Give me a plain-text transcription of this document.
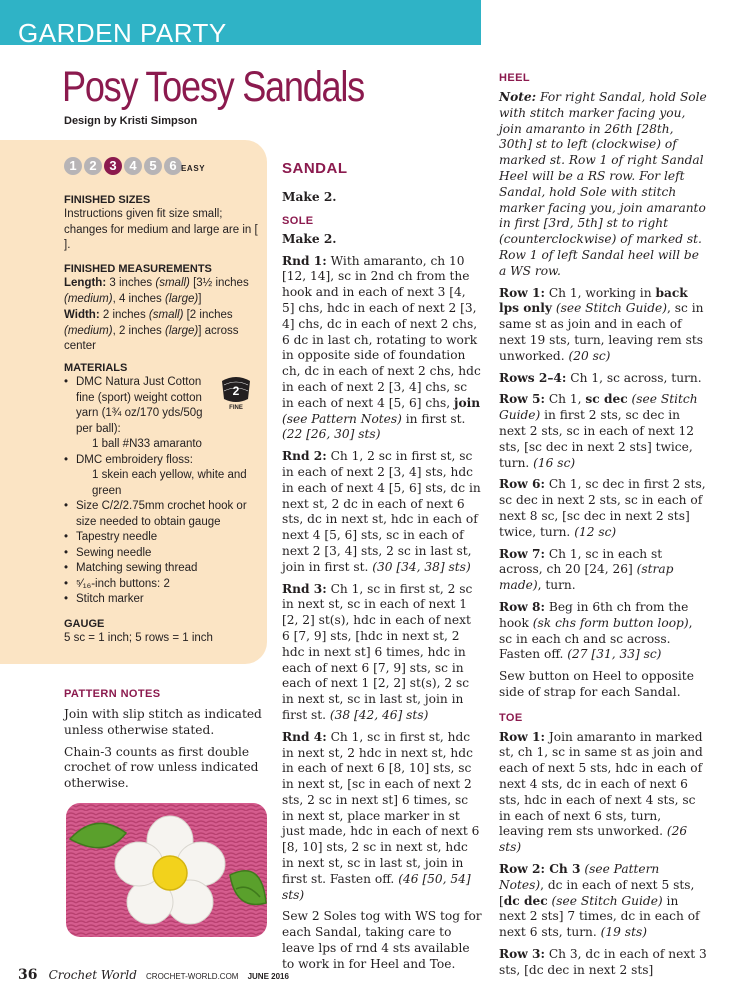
GARDEN PARTY
Posy Toesy Sandals
Design by Kristi Simpson
1 2 3 4 5 6 EASY
FINISHED SIZES
Instructions given fit size small; changes for medium and large are in [ ].
FINISHED MEASUREMENTS
Length: 3 inches (small) [3½ inches (medium), 4 inches (large)]
Width: 2 inches (small) [2 inches (medium), 2 inches (large)] across center
MATERIALS
2
FINE
• DMC Natura Just Cotton fine (sport) weight cotton yarn (1¾ oz/170 yds/50g per ball):
1 ball #N33 amaranto
• DMC embroidery floss:
1 skein each yellow, white and green
• Size C/2/2.75mm crochet hook or size needed to obtain gauge
• Tapestry needle
• Sewing needle
• Matching sewing thread
• ⁵⁄₁₆-inch buttons: 2
• Stitch marker
GAUGE
5 sc = 1 inch; 5 rows = 1 inch
PATTERN NOTES

Join with slip stitch as indicated unless otherwise stated.

Chain-3 counts as first double crochet of row unless indicated otherwise.

SANDAL

Make 2.

SOLE

Make 2.

Rnd 1: With amaranto, ch 10 [12, 14], sc in 2nd ch from the hook and in each of next 3 [4, 5] chs, hdc in each of next 2 [3, 4] chs, dc in each of next 2 chs, 6 dc in last ch, rotating to work in opposite side of foundation ch, dc in each of next 2 chs, hdc in each of next 2 [3, 4] chs, sc in each of next 4 [5, 6] chs, join (see Pattern Notes) in first st. (22 [26, 30] sts)

Rnd 2: Ch 1, 2 sc in first st, sc in each of next 2 [3, 4] sts, hdc in each of next 4 [5, 6] sts, dc in next st, 2 dc in each of next 6 sts, dc in next st, hdc in each of next 4 [5, 6] sts, sc in each of next 2 [3, 4] sts, 2 sc in last st, join in first st. (30 [34, 38] sts)

Rnd 3: Ch 1, sc in first st, 2 sc in next st, sc in each of next 1 [2, 2] st(s), hdc in each of next 6 [7, 9] sts, [hdc in next st, 2 hdc in next st] 6 times, hdc in each of next 6 [7, 9] sts, sc in each of next 1 [2, 2] st(s), 2 sc in next st, sc in last st, join in first st. (38 [42, 46] sts)

Rnd 4: Ch 1, sc in first st, hdc in next st, 2 hdc in next st, hdc in each of next 6 [8, 10] sts, sc in next st, [sc in each of next 2 sts, 2 sc in next st] 6 times, sc in next st, place marker in st just made, hdc in each of next 6 [8, 10] sts, 2 sc in next st, hdc in next st, sc in last st, join in first st. Fasten off. (46 [50, 54] sts)

Sew 2 Soles tog with WS tog for each Sandal, taking care to leave lps of rnd 4 sts available to work in for Heel and Toe.

HEEL

Note: For right Sandal, hold Sole with stitch marker facing you, join amaranto in 26th [28th, 30th] st to left (clockwise) of marked st. Row 1 of right Sandal Heel will be a RS row. For left Sandal, hold Sole with stitch marker facing you, join amaranto in first [3rd, 5th] st to right (counterclockwise) of marked st. Row 1 of left Sandal heel will be a WS row.

Row 1: Ch 1, working in back lps only (see Stitch Guide), sc in same st as join and in each of next 19 sts, turn, leaving rem sts unworked. (20 sc)

Rows 2–4: Ch 1, sc across, turn.

Row 5: Ch 1, sc dec (see Stitch Guide) in first 2 sts, sc dec in next 2 sts, sc in each of next 12 sts, [sc dec in next 2 sts] twice, turn. (16 sc)

Row 6: Ch 1, sc dec in first 2 sts, sc dec in next 2 sts, sc in each of next 8 sc, [sc dec in next 2 sts] twice, turn. (12 sc)

Row 7: Ch 1, sc in each st across, ch 20 [24, 26] (strap made), turn.

Row 8: Beg in 6th ch from the hook (sk chs form button loop), sc in each ch and sc across. Fasten off. (27 [31, 33] sc)

Sew button on Heel to opposite side of strap for each Sandal.

TOE

Row 1: Join amaranto in marked st, ch 1, sc in same st as join and each of next 5 sts, hdc in each of next 4 sts, dc in each of next 6 sts, hdc in each of next 4 sts, sc in each of next 6 sts, turn, leaving rem sts unworked. (26 sts)

Row 2: Ch 3 (see Pattern Notes), dc in each of next 5 sts, [dc dec (see Stitch Guide) in next 2 sts] 7 times, dc in each of next 6 sts, turn. (19 sts)

Row 3: Ch 3, dc in each of next 3 sts, [dc dec in next 2 sts]

36 Crochet World CROCHET-WORLD.COM JUNE 2016
